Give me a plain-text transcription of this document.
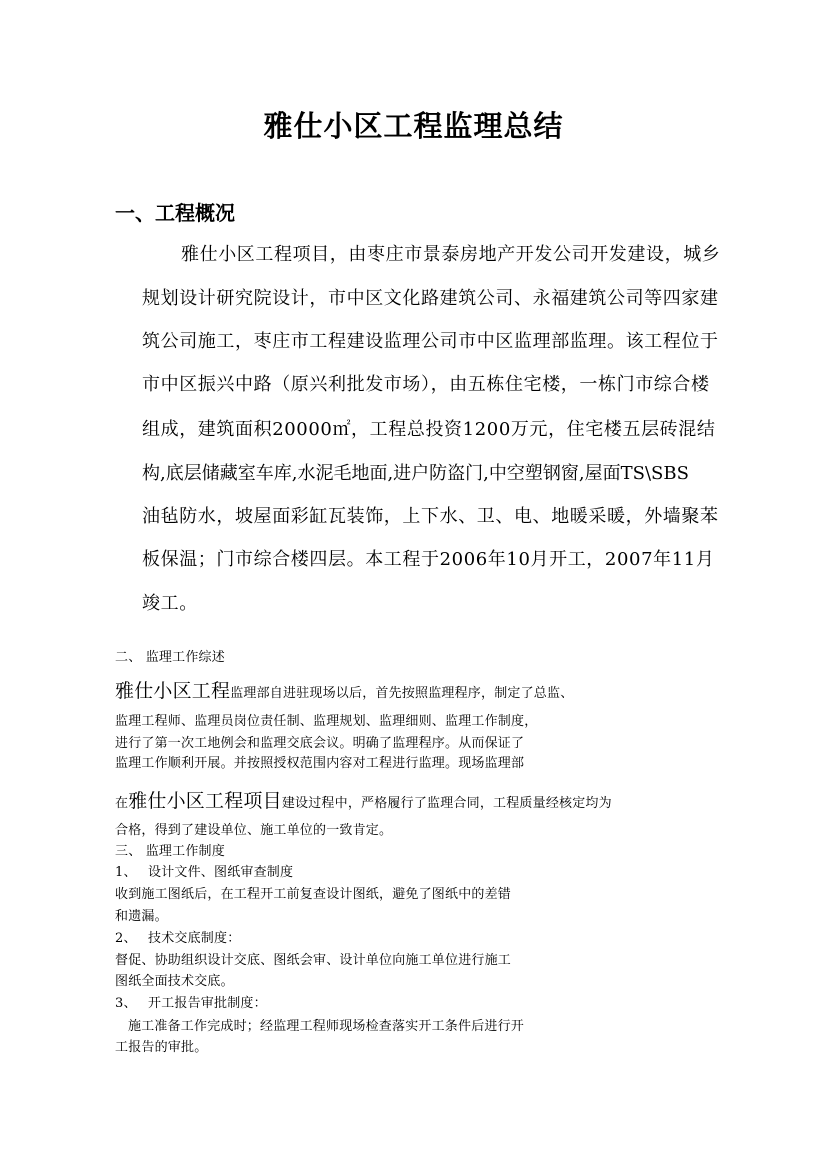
雅仕小区工程监理总结
一、工程概况
雅仕小区工程项目，由枣庄市景泰房地产开发公司开发建设，城乡
规划设计研究院设计，市中区文化路建筑公司、永福建筑公司等四家建
筑公司施工，枣庄市工程建设监理公司市中区监理部监理。该工程位于
市中区振兴中路（原兴利批发市场），由五栋住宅楼，一栋门市综合楼
组成，建筑面积20000㎡，工程总投资1200万元，住宅楼五层砖混结
构,底层储藏室车库,水泥毛地面,进户防盗门,中空塑钢窗,屋面TS\SBS
油毡防水，坡屋面彩缸瓦装饰，上下水、卫、电、地暖采暖，外墙聚苯
板保温；门市综合楼四层。本工程于2006年10月开工，2007年11月
竣工。
二、 监理工作综述
雅仕小区工程监理部自进驻现场以后，首先按照监理程序，制定了总监、
监理工程师、监理员岗位责任制、监理规划、监理细则、监理工作制度，
进行了第一次工地例会和监理交底会议。明确了监理程序。从而保证了
监理工作顺利开展。并按照授权范围内容对工程进行监理。现场监理部
在雅仕小区工程项目建设过程中，严格履行了监理合同，工程质量经核定均为
合格，得到了建设单位、施工单位的一致肯定。
三、 监理工作制度
1、 设计文件、图纸审查制度
收到施工图纸后，在工程开工前复查设计图纸，避免了图纸中的差错
和遗漏。
2、 技术交底制度：
督促、协助组织设计交底、图纸会审、设计单位向施工单位进行施工
图纸全面技术交底。
3、 开工报告审批制度：
施工准备工作完成时；经监理工程师现场检查落实开工条件后进行开
工报告的审批。
